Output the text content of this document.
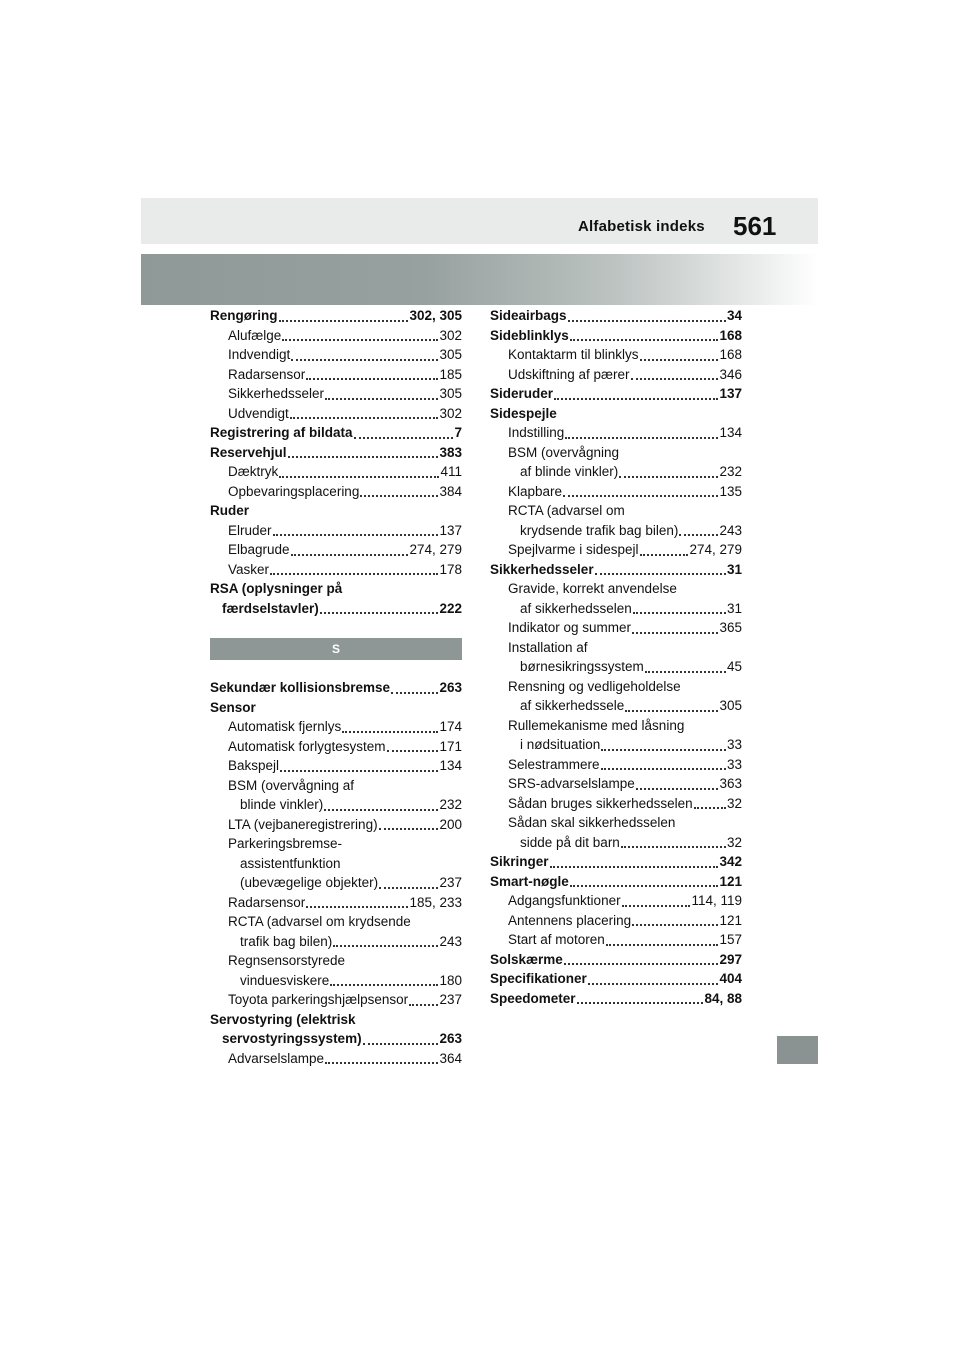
Alfabetisk indeks 561
Rengøring	302, 305
Alufælge	302
Indvendigt	305
Radarsensor	185
Sikkerhedsseler	305
Udvendigt	302
Registrering af bildata	7
Reservehjul	383
Dæktryk	411
Opbevaringsplacering	384
Ruder
Elruder	137
Elbagrude	274, 279
Vasker	178
RSA (oplysninger på
færdselstavler)	222
S
Sekundær kollisionsbremse	263
Sensor
Automatisk fjernlys	174
Automatisk forlygtesystem	171
Bakspejl	134
BSM (overvågning af
blinde vinkler)	232
LTA (vejbaneregistrering)	200
Parkeringsbremse-
assistentfunktion
(ubevægelige objekter)	237
Radarsensor	185, 233
RCTA (advarsel om krydsende
trafik bag bilen)	243
Regnsensorstyrede
vinduesviskere	180
Toyota parkeringshjælpsensor 237
Servostyring (elektrisk
servostyringssystem)	263
Advarselslampe	364
Sideairbags	34
Sideblinklys	168
Kontaktarm til blinklys	168
Udskiftning af pærer	346
Sideruder	137
Sidespejle
Indstilling	134
BSM (overvågning
af blinde vinkler)	232
Klapbare	135
RCTA (advarsel om
krydsende trafik bag bilen)	243
Spejlvarme i sidespejl	274, 279
Sikkerhedsseler	31
Gravide, korrekt anvendelse
af sikkerhedsselen	31
Indikator og summer	365
Installation af
børnesikringssystem	45
Rensning og vedligeholdelse
af sikkerhedssele	305
Rullemekanisme med låsning
i nødsituation	33
Selestrammere	33
SRS-advarselslampe	363
Sådan bruges sikkerhedsselen	32
Sådan skal sikkerhedsselen
sidde på dit barn	32
Sikringer	342
Smart-nøgle	121
Adgangsfunktioner	114, 119
Antennens placering	121
Start af motoren	157
Solskærme	297
Specifikationer	404
Speedometer	84, 88
